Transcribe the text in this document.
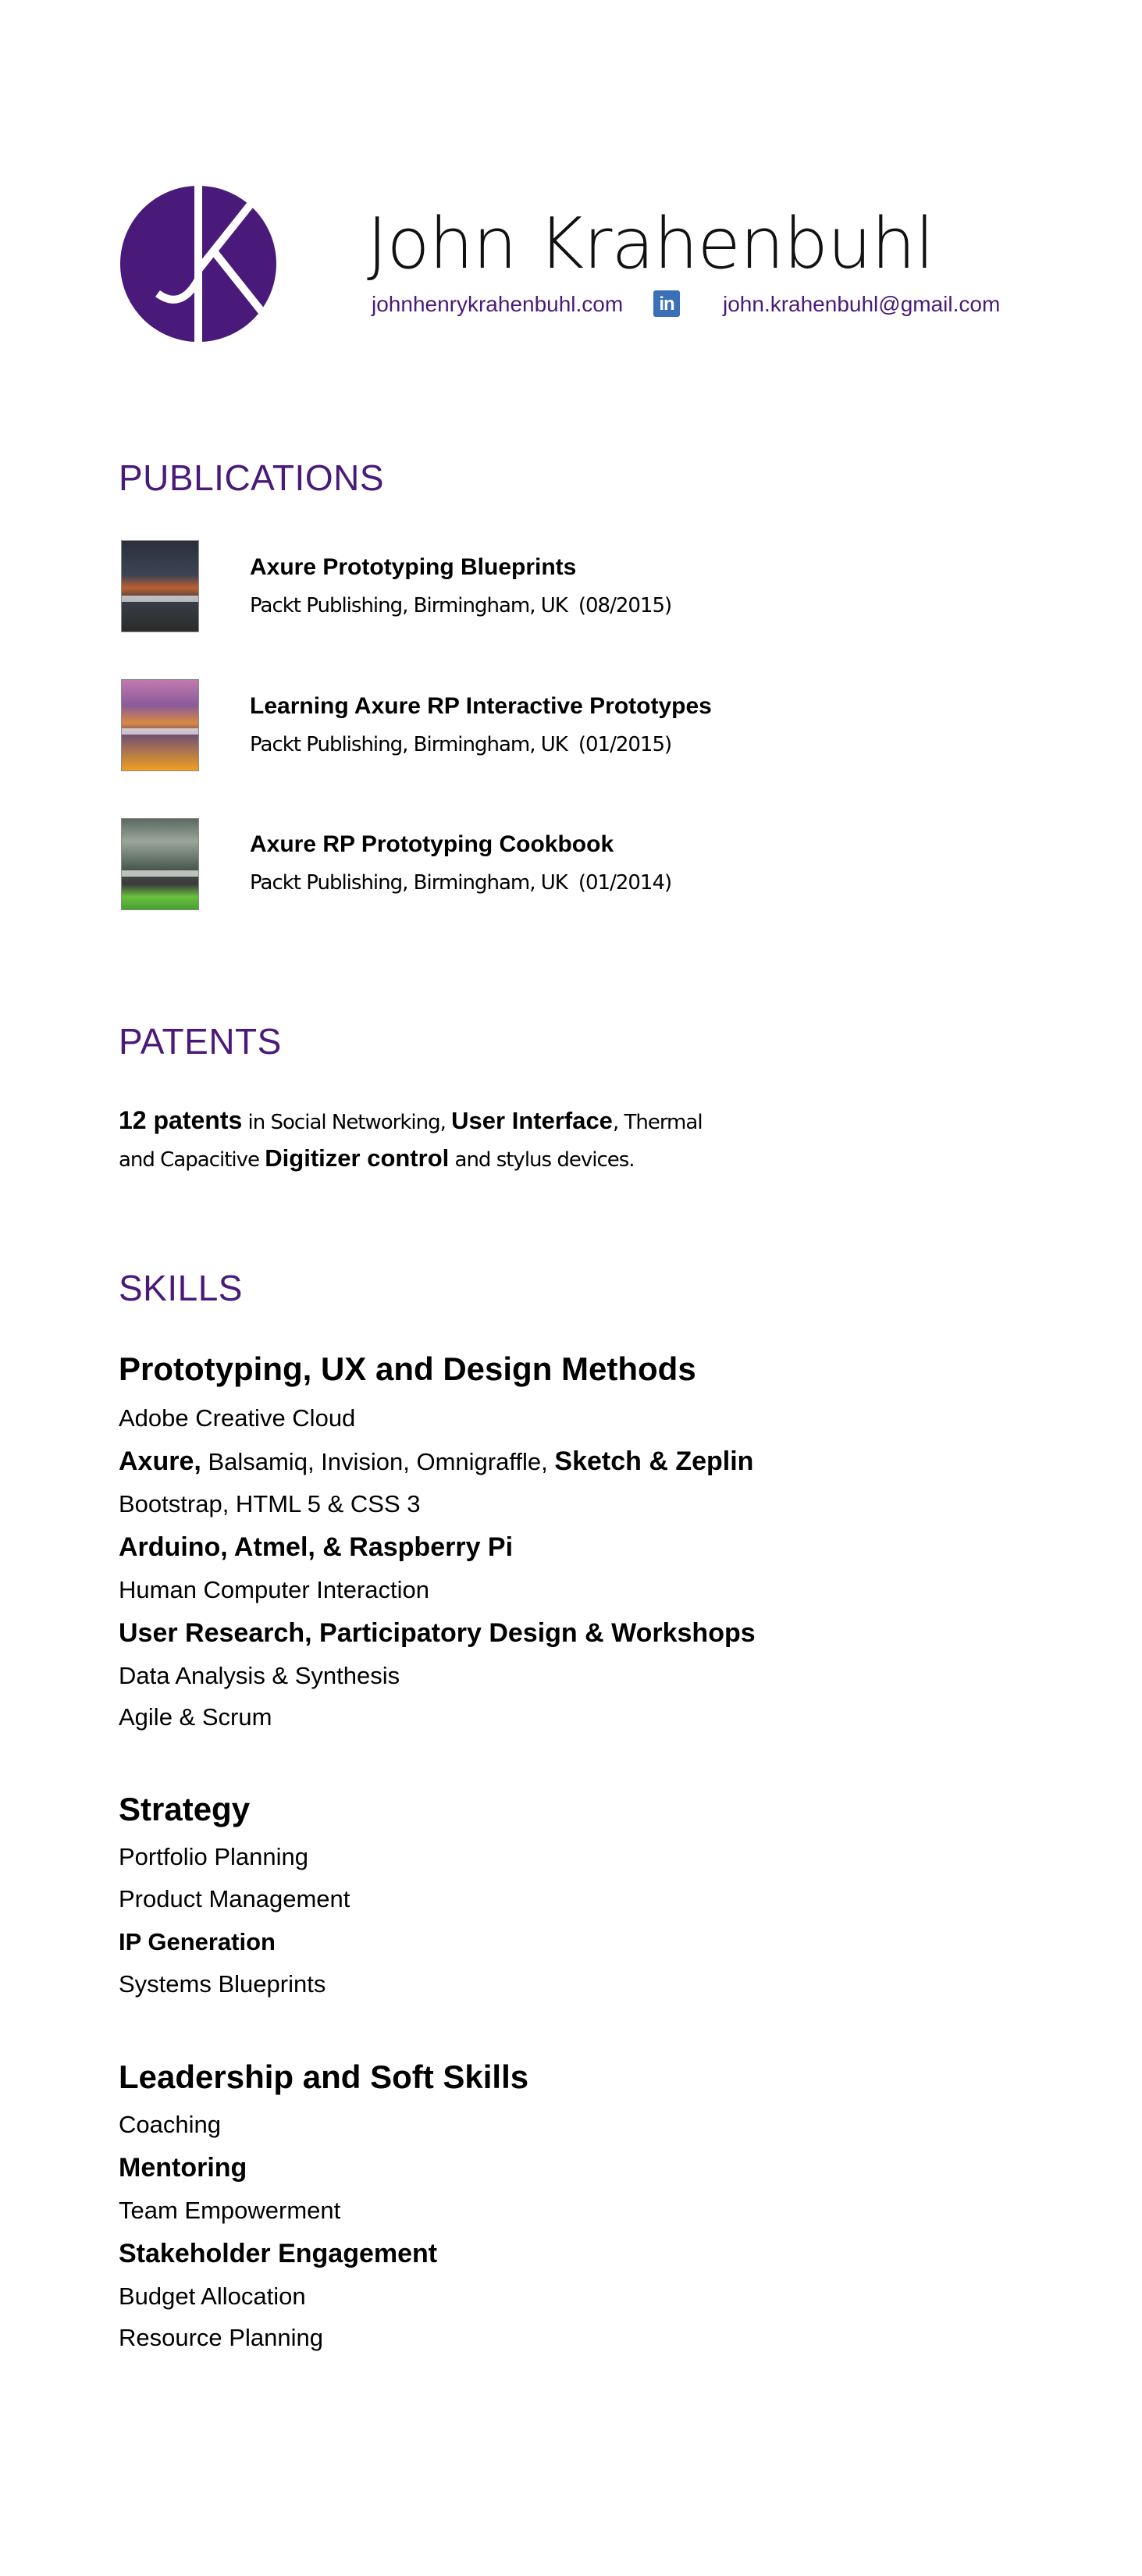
John Krahenbuhl
johnhenrykrahenbuhl.com	in john.krahenbuhl@gmail.com
PUBLICATIONS
Axure Prototyping Blueprints
Packt Publishing, Birmingham, UK (08/2015)
Learning Axure RP Interactive Prototypes
Packt Publishing, Birmingham, UK (01/2015)
Axure RP Prototyping Cookbook
Packt Publishing, Birmingham, UK (01/2014)
PATENTS
12 patents in Social Networking, User Interface, Thermal and Capacitive Digitizer control and stylus devices.
SKILLS
Prototyping, UX and Design Methods
Adobe Creative Cloud
Axure, Balsamiq, Invision, Omnigraffle, Sketch & Zeplin
Bootstrap, HTML 5 & CSS 3
Arduino, Atmel, & Raspberry Pi
Human Computer Interaction
User Research, Participatory Design & Workshops
Data Analysis & Synthesis
Agile & Scrum
Strategy
Portfolio Planning
Product Management
IP Generation
Systems Blueprints
Leadership and Soft Skills
Coaching
Mentoring
Team Empowerment
Stakeholder Engagement
Budget Allocation
Resource Planning
